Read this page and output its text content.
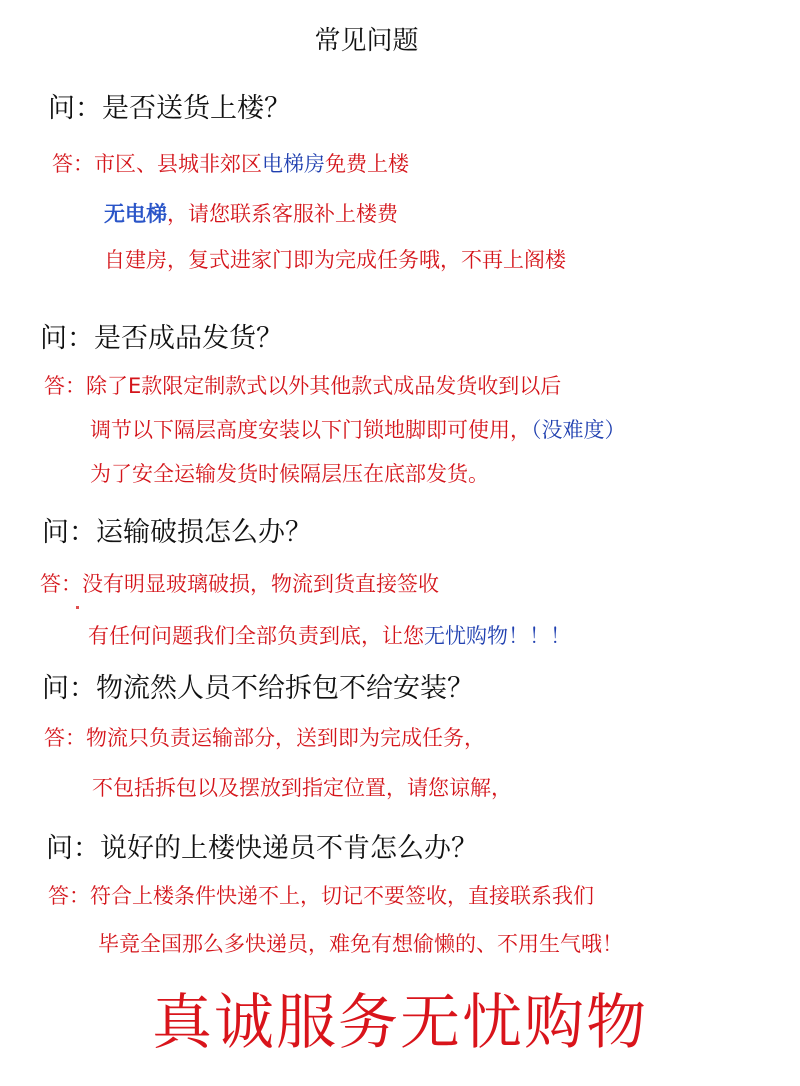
常见问题
问：是否送货上楼？
答：市区、县城非郊区电梯房免费上楼
无电梯，请您联系客服补上楼费
自建房，复式进家门即为完成任务哦，不再上阁楼
问：是否成品发货？
答：除了E款限定制款式以外其他款式成品发货收到以后
调节以下隔层高度安装以下门锁地脚即可使用，（没难度）
为了安全运输发货时候隔层压在底部发货。
问：运输破损怎么办？
答：没有明显玻璃破损，物流到货直接签收
有任何问题我们全部负责到底，让您无忧购物！！！
问：物流然人员不给拆包不给安装？
答：物流只负责运输部分，送到即为完成任务，
不包括拆包以及摆放到指定位置，请您谅解，
问：说好的上楼快递员不肯怎么办？
答：符合上楼条件快递不上，切记不要签收，直接联系我们
毕竟全国那么多快递员，难免有想偷懒的、不用生气哦！
真诚服务无忧购物
